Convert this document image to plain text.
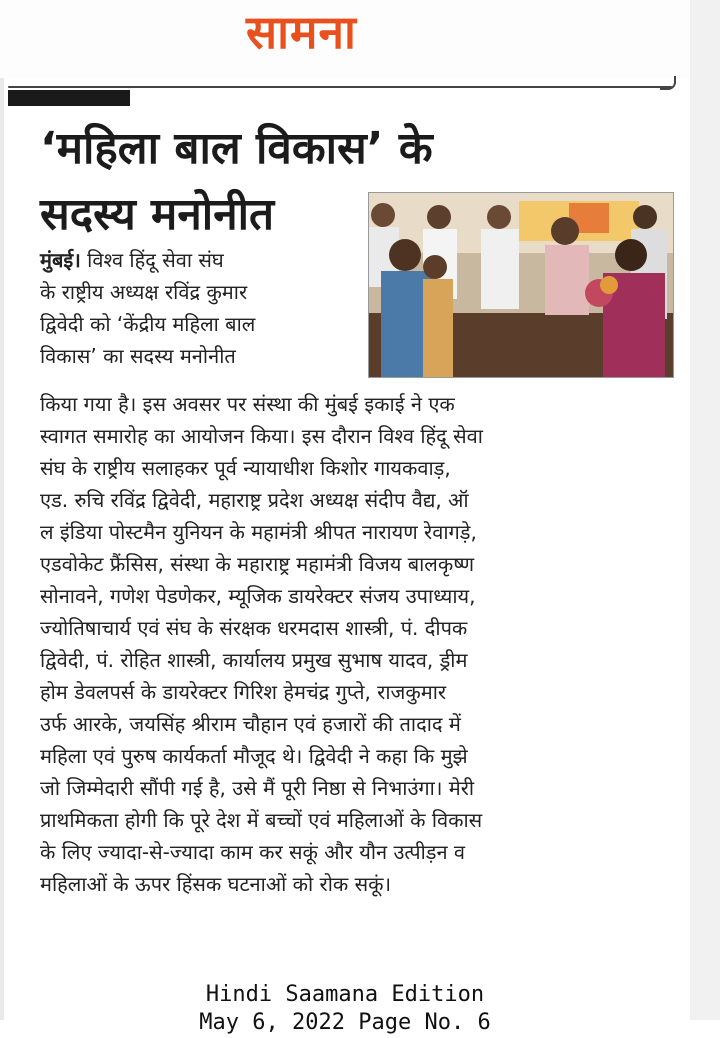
सामना
‘महिला बाल विकास’ के
सदस्य मनोनीत
मुंबई। विश्व हिंदू सेवा संघ
के राष्ट्रीय अध्यक्ष रविंद्र कुमार
द्विवेदी को ‘केंद्रीय महिला बाल
विकास’ का सदस्य मनोनीत
किया गया है। इस अवसर पर संस्था की मुंबई इकाई ने एक
स्वागत समारोह का आयोजन किया। इस दौरान विश्व हिंदू सेवा
संघ के राष्ट्रीय सलाहकर पूर्व न्यायाधीश किशोर गायकवाड़,
एड. रुचि रविंद्र द्विवेदी, महाराष्ट्र प्रदेश अध्यक्ष संदीप वैद्य, ऑ
ल इंडिया पोस्टमैन युनियन के महामंत्री श्रीपत नारायण रेवागड़े,
एडवोकेट फ्रैंसिस, संस्था के महाराष्ट्र महामंत्री विजय बालकृष्ण
सोनावने, गणेश पेडणेकर, म्यूजिक डायरेक्टर संजय उपाध्याय,
ज्योतिषाचार्य एवं संघ के संरक्षक धरमदास शास्त्री, पं. दीपक
द्विवेदी, पं. रोहित शास्त्री, कार्यालय प्रमुख सुभाष यादव, ड्रीम
होम डेवलपर्स के डायरेक्टर गिरिश हेमचंद्र गुप्ते, राजकुमार
उर्फ आरके, जयसिंह श्रीराम चौहान एवं हजारों की तादाद में
महिला एवं पुरुष कार्यकर्ता मौजूद थे। द्विवेदी ने कहा कि मुझे
जो जिम्मेदारी सौंपी गई है, उसे मैं पूरी निष्ठा से निभाउंगा। मेरी
प्राथमिकता होगी कि पूरे देश में बच्चों एवं महिलाओं के विकास
के लिए ज्यादा-से-ज्यादा काम कर सकूं और यौन उत्पीड़न व
महिलाओं के ऊपर हिंसक घटनाओं को रोक सकूं।
Hindi Saamana Edition
May 6, 2022 Page No. 6
